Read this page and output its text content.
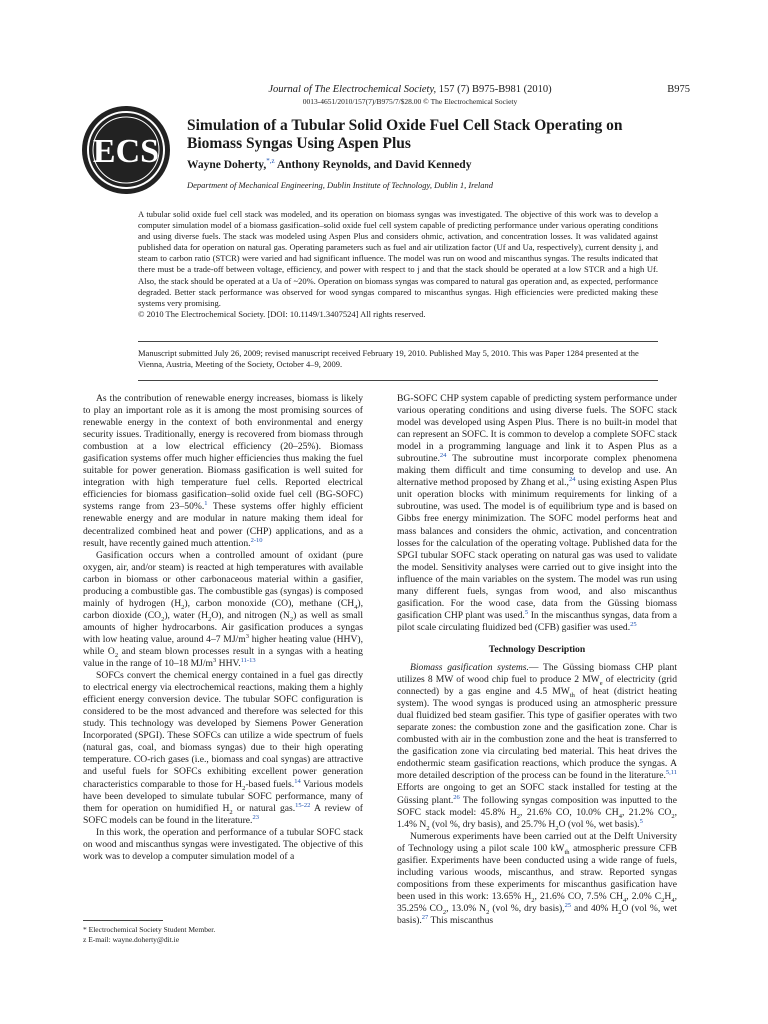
Journal of The Electrochemical Society, 157 (7) B975-B981 (2010)
0013-4651/2010/157(7)/B975/7/$28.00 © The Electrochemical Society
B975
ECS
Simulation of a Tubular Solid Oxide Fuel Cell Stack Operating on Biomass Syngas Using Aspen Plus
Wayne Doherty,$^{*,z}$ Anthony Reynolds, and David Kennedy
Department of Mechanical Engineering, Dublin Institute of Technology, Dublin 1, Ireland
A tubular solid oxide fuel cell stack was modeled, and its operation on biomass syngas was investigated. The objective of this work was to develop a computer simulation model of a biomass gasification–solid oxide fuel cell system capable of predicting performance under various operating conditions and using diverse fuels. The stack was modeled using Aspen Plus and considers ohmic, activation, and concentration losses. It was validated against published data for operation on natural gas. Operating parameters such as fuel and air utilization factor (Uf and Ua, respectively), current density j, and steam to carbon ratio (STCR) were varied and had significant influence. The model was run on wood and miscanthus syngas. The results indicated that there must be a trade-off between voltage, efficiency, and power with respect to j and that the stack should be operated at a low STCR and a high Uf. Also, the stack should be operated at a Ua of ~20%. Operation on biomass syngas was compared to natural gas operation and, as expected, performance degraded. Better stack performance was observed for wood syngas compared to miscanthus syngas. High efficiencies were predicted making these systems very promising.
© 2010 The Electrochemical Society. [DOI: 10.1149/1.3407524] All rights reserved.
Manuscript submitted July 26, 2009; revised manuscript received February 19, 2010. Published May 5, 2010. This was Paper 1284 presented at the Vienna, Austria, Meeting of the Society, October 4–9, 2009.

As the contribution of renewable energy increases, biomass is likely to play an important role as it is among the most promising sources of renewable energy in the context of both environmental and energy security issues. Traditionally, energy is recovered from biomass through combustion at a low electrical efficiency (20–25%). Biomass gasification systems offer much higher efficiencies thus making the fuel suitable for power generation. Biomass gasification is well suited for integration with high temperature fuel cells. Reported electrical efficiencies for biomass gasification–solid oxide fuel cell (BG-SOFC) systems range from 23–50%.$^1$ These systems offer highly efficient renewable energy and are modular in nature making them ideal for decentralized combined heat and power (CHP) applications, and as a result, have recently gained much attention.$^{2-10}$

Gasification occurs when a controlled amount of oxidant (pure oxygen, air, and/or steam) is reacted at high temperatures with available carbon in biomass or other carbonaceous material within a gasifier, producing a combustible gas. The combustible gas (syngas) is composed mainly of hydrogen $(H_2)$, carbon monoxide (CO), methane $(CH_4)$, carbon dioxide $(CO_2)$, water $(H_2O)$, and nitrogen $(N_2)$ as well as small amounts of higher hydrocarbons. Air gasification produces a syngas with low heating value, around 4–7 $MJ/m^3$ higher heating value (HHV), while $O_2$ and steam blown processes result in a syngas with a heating value in the range of 10–18 $MJ/m^3$ HHV.$^{11-13}$

SOFCs convert the chemical energy contained in a fuel gas directly to electrical energy via electrochemical reactions, making them a highly efficient energy conversion device. The tubular SOFC configuration is considered to be the most advanced and therefore was selected for this study. This technology was developed by Siemens Power Generation Incorporated (SPGI). These SOFCs can utilize a wide spectrum of fuels (natural gas, coal, and biomass syngas) due to their high operating temperature. CO-rich gases (i.e., biomass and coal syngas) are attractive and useful fuels for SOFCs exhibiting excellent power generation characteristics comparable to those for $H_2$-based fuels.$^{14}$ Various models have been developed to simulate tubular SOFC performance, many of them for operation on humidified $H_2$ or natural gas.$^{15-22}$ A review of SOFC models can be found in the literature.$^{23}$

In this work, the operation and performance of a tubular SOFC stack on wood and miscanthus syngas were investigated. The objective of this work was to develop a computer simulation model of a

* Electrochemical Society Student Member.
z E-mail: wayne.doherty@dit.ie

BG-SOFC CHP system capable of predicting system performance under various operating conditions and using diverse fuels. The SOFC stack model was developed using Aspen Plus. There is no built-in model that can represent an SOFC. It is common to develop a complete SOFC stack model in a programming language and link it to Aspen Plus as a subroutine.$^{24}$ The subroutine must incorporate complex phenomena making them difficult and time consuming to develop and use. An alternative method proposed by Zhang et al.,$^{24}$ using existing Aspen Plus unit operation blocks with minimum requirements for linking of a subroutine, was used. The model is of equilibrium type and is based on Gibbs free energy minimization. The SOFC model performs heat and mass balances and considers the ohmic, activation, and concentration losses for the calculation of the operating voltage. Published data for the SPGI tubular SOFC stack operating on natural gas was used to validate the model. Sensitivity analyses were carried out to give insight into the influence of the main variables on the system. The model was run using many different fuels, syngas from wood, and also miscanthus gasification. For the wood case, data from the Güssing biomass gasification CHP plant was used.$^5$ In the miscanthus syngas, data from a pilot scale circulating fluidized bed (CFB) gasifier was used.$^{25}$

Technology Description

Biomass gasification systems.— The Güssing biomass CHP plant utilizes 8 MW of wood chip fuel to produce 2 $MW_e$ of electricity (grid connected) by a gas engine and 4.5 $MW_{th}$ of heat (district heating system). The wood syngas is produced using an atmospheric pressure dual fluidized bed steam gasifier. This type of gasifier operates with two separate zones: the combustion zone and the gasification zone. Char is combusted with air in the combustion zone and the heat is transferred to the gasification zone via circulating bed material. This heat drives the endothermic steam gasification reactions, which produce the syngas. A more detailed description of the process can be found in the literature.$^{5,11}$ Efforts are ongoing to get an SOFC stack installed for testing at the Güssing plant.$^{26}$ The following syngas composition was inputted to the SOFC stack model: 45.8% $H_2$, 21.6% CO, 10.0% $CH_4$, 21.2% $CO_2$, 1.4% $N_2$ (vol %, dry basis), and 25.7% $H_2O$ (vol %, wet basis).$^5$

Numerous experiments have been carried out at the Delft University of Technology using a pilot scale 100 $kW_{th}$ atmospheric pressure CFB gasifier. Experiments have been conducted using a wide range of fuels, including various woods, miscanthus, and straw. Reported syngas compositions from these experiments for miscanthus gasification have been used in this work: 13.65% $H_2$, 21.6% CO, 7.5% $CH_4$, 2.0% $C_2H_4$, 35.25% $CO_2$, 13.0% $N_2$ (vol %, dry basis),$^{25}$ and 40% $H_2O$ (vol %, wet basis).$^{27}$ This miscanthus
